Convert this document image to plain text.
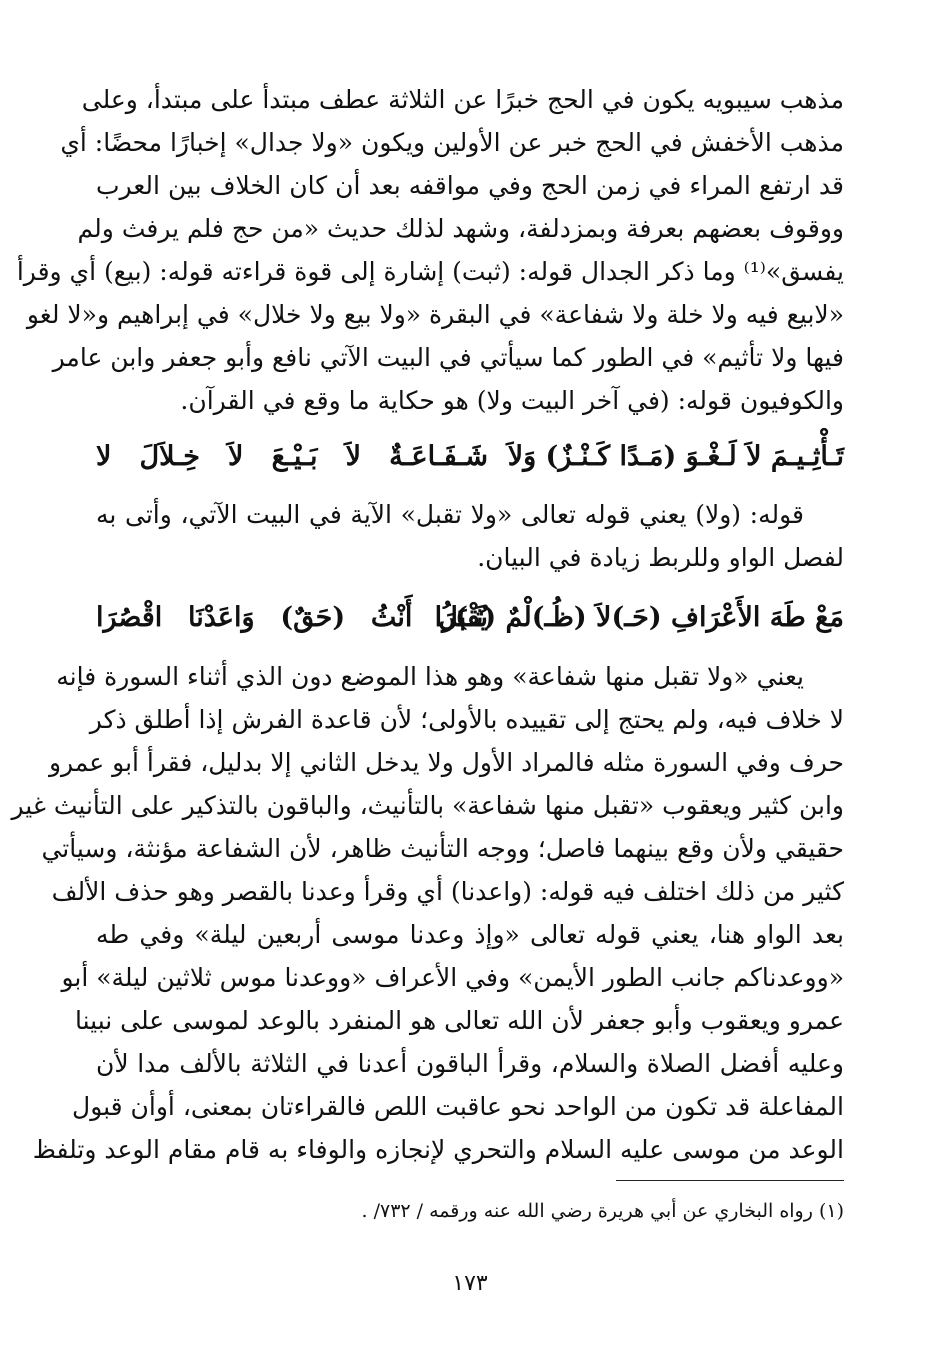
مذهب سيبويه يكون في الحج خبرًا عن الثلاثة عطف مبتدأ على مبتدأ، وعلى
مذهب الأخفش في الحج خبر عن الأولين ويكون «ولا جدال» إخبارًا محضًا: أي
قد ارتفع المراء في زمن الحج وفي مواقفه بعد أن كان الخلاف بين العرب
ووقوف بعضهم بعرفة وبمزدلفة، وشهد لذلك حديث «من حج فلم يرفث ولم
يفسق»⁽¹⁾ وما ذكر الجدال قوله: (ثبت) إشارة إلى قوة قراءته قوله: (بيع) أي وقرأ
«لابيع فيه ولا خلة ولا شفاعة» في البقرة «ولا بيع ولا خلال» في إبراهيم و«لا لغو
فيها ولا تأثيم» في الطور كما سيأتي في البيت الآتي نافع وأبو جعفر وابن عامر
والكوفيون قوله: (في آخر البيت ولا) هو حكاية ما وقع في القرآن.
شَـفَـاعَـةٌ لاَ بَـيْـعَ لاَ خِـلاَلَ لا
قوله: (ولا) يعني قوله تعالى «ولا تقبل» الآية في البيت الآتي، وأتى به
لفصل الواو وللربط زيادة في البيان.
يُقْبَلُ أَنْثُ (حَقٌ) وَاعَدْنَا اقْصُرَا
يعني «ولا تقبل منها شفاعة» وهو هذا الموضع دون الذي أثناء السورة فإنه
لا خلاف فيه، ولم يحتج إلى تقييده بالأولى؛ لأن قاعدة الفرش إذا أطلق ذكر
حرف وفي السورة مثله فالمراد الأول ولا يدخل الثاني إلا بدليل، فقرأ أبو عمرو
وابن كثير ويعقوب «تقبل منها شفاعة» بالتأنيث، والباقون بالتذكير على التأنيث غير
حقيقي ولأن وقع بينهما فاصل؛ ووجه التأنيث ظاهر، لأن الشفاعة مؤنثة، وسيأتي
كثير من ذلك اختلف فيه قوله: (واعدنا) أي وقرأ وعدنا بالقصر وهو حذف الألف
بعد الواو هنا، يعني قوله تعالى «وإذ وعدنا موسى أربعين ليلة» وفي طه
«ووعدناكم جانب الطور الأيمن» وفي الأعراف «ووعدنا موس ثلاثين ليلة» أبو
عمرو ويعقوب وأبو جعفر لأن الله تعالى هو المنفرد بالوعد لموسى على نبينا
وعليه أفضل الصلاة والسلام، وقرأ الباقون أعدنا في الثلاثة بالألف مدا لأن
المفاعلة قد تكون من الواحد نحو عاقبت اللص فالقراءتان بمعنى، أوأن قبول
الوعد من موسى عليه السلام والتحري لإنجازه والوفاء به قام مقام الوعد وتلفظ
(١) رواه البخاري عن أبي هريرة رضي الله عنه ورقمه / ٧٣٢/ .
١٧٣
تَـأْثِـيـمَ لاَ لَـغْـوَ (مَـدًا كَـنْـزٌ) وَلاَ
مَعْ طَهَ الأَعْرَافِ (حَـ)لاَ (ظُـ)لْمٌ (ثَـ)رَا
